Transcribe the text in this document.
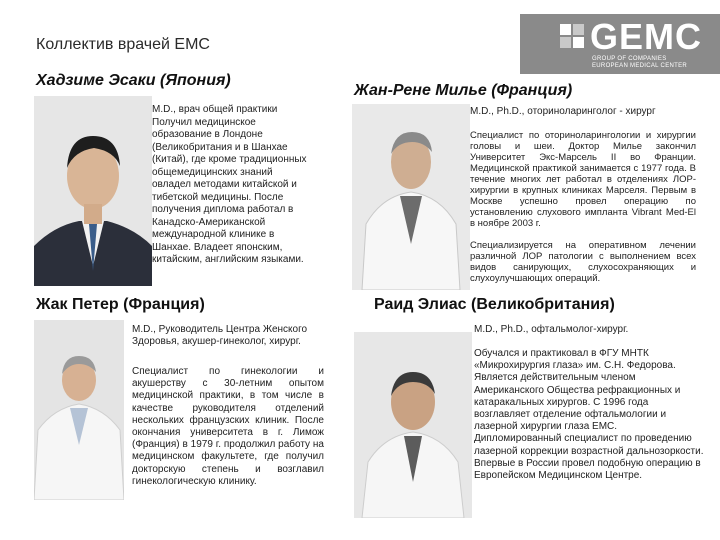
Коллектив врачей ЕМС	GEMC
GROUP OF COMPANIES
EUROPEAN MEDICAL CENTER
Хадзиме Эсаки (Япония)
М.D., врач общей практики Получил медицинское образование в Лондоне (Великобритания и в Шанхае (Китай), где кроме традиционных общемедицинских знаний овладел методами китайской и тибетской медицины. После получения диплома работал в Канадско-Американской международной клинике в Шанхае. Владеет японским, китайским, английским языками.
Жан-Рене Милье (Франция)
M.D., Ph.D., оториноларинголог - хирург
Специалист по оториноларингологии и хирургии головы и шеи. Доктор Милье закончил Университет Экс-Марсель II во Франции. Медицинской практикой занимается с 1977 года. В течение многих лет работал в отделениях ЛОР-хирургии в крупных клиниках Марселя. Первым в Москве успешно провел операцию по установлению слухового импланта Vibrant Med-El в ноябре 2003 г.
Специализируется на оперативном лечении различной ЛОР патологии с выполнением всех видов санирующих, слухосохраняющих и слухоулучшающих операций.
Жак Петер (Франция)
M.D., Руководитель Центра Женского Здоровья, акушер-гинеколог, хирург.
Специалист по гинекологии и акушерству с 30-летним опытом медицинской практики, в том числе в качестве руководителя отделений нескольких французских клиник. После окончания университета в г. Лимож (Франция) в 1979 г. продолжил работу на медицинском факультете, где получил докторскую степень и возглавил гинекологическую клинику.
Раид Элиас (Великобритания)
M.D., Ph.D., офтальмолог-хирург.
Обучался и практиковал в ФГУ МНТК «Микрохирургия глаза» им. С.Н. Федорова. Является действительным членом Американского Общества рефракционных и катаракальных хирургов. С 1996 года возглавляет отделение офтальмологии и лазерной хирургии глаза ЕМС. Дипломированный специалист по проведению лазерной коррекции возрастной дальнозоркости. Впервые в России провел подобную операцию в Европейском Медицинском Центре.
